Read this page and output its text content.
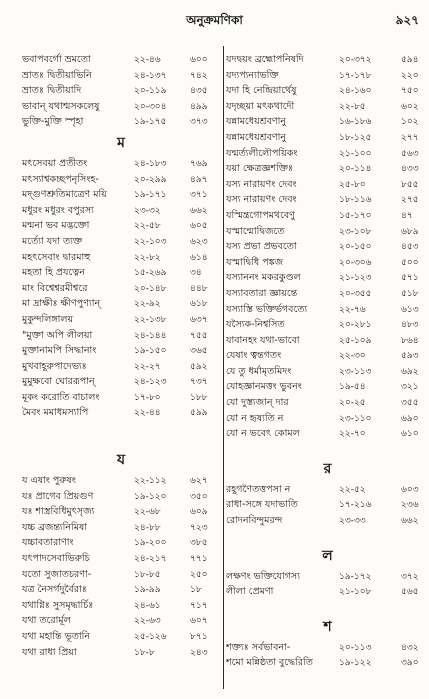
অনুক্রমণিকা	৯২৭
ভবাপবর্গো ভ্রমতো	২২-৪৬	৬০০
ভ্রাতঃ দ্বিতীয়াভিনি	২৪-১৩৭	৭৪২
ভ্রাতঃ দ্বিতীয়াদি	২০-১১৯	৪৩৫
ভাবান্ যথাশ্মসকলেষু	২০-৩০৪	৪৯৯
ভুক্তি-মুক্তি স্পৃহা	১৯-১৭৫	৩৭৩
ম
মৎসেবয়া প্রতীতং	২৪-১৮৩	৭৬৯
মৎস্যাশ্বকচ্ছপনৃসিংহ-	২০-২৯৯	৪৯৭
মদ্গুণশ্রুতিমাত্রেণ ময়ি	১৯-১৭১	৩৭১
মধুরং মধুরং বপুরস্য	২৩-৩২	৬৬২
মন্মনা ভব মদ্ভক্তো	২২-৫৮	৬০৫
মর্ত্যো যদা ত্যক্ত	২২-১০৩	৬২৩
মহৎসেবাং দ্বারমাহু	২২-৮২	৬১৪
মহতা হি প্রযত্নেন	১৫-২৬৯	৩৪
মাং বিশ্বেশ্বরমীশ্বরে	২০-১৪৮	৪৪৮
মা দ্রাক্ষীঃ ক্ষীণপুণ্যান্	২২-৯২	৬১৮
মুকুন্দলিঙ্গালয়	২২-১৩৮	৬৩৭
"মুক্তা অপি লীলয়া	২৪-১৪৪	৭৫৫
মুক্তানামপি সিদ্ধানাং	১৯-১৫০	৩৬৫
মুখবাহূরুপাদেভ্যঃ	২২-২৭	৫৯২
মুমুক্ষবো ঘোররূপান্	২৪-১২৩	৭৩৭
মূকং করোতি বাচালং	১৭-৮০	১৮৮
মৈবং মমাধমস্যাপি	২২-৪৪	৫৯৯
য
য এষাং পুরুষং	২২-১১২	৬২৭
যঃ প্রাগেব প্রিয়গুণ	১৯-১২০	৩৫০
যঃ শাস্ত্রবিধিমুৎসৃজ্য	২২-৬৮	৬০৯
যচ্চ ব্রজন্ত্যনিমিষা	২৪-৮৮	৭২৩
যচ্চাবতারাণাং	১৯-২০০	৩৮৫
যৎপাদসেবাভিরুচি	২৪-২১৭	৭৭১
যতো সুজাতচরণা-	১৮-৮৫	২৫০
যত্র নৈসর্গদুর্বৈরাঃ	১৯-৯৯	১৮
যথাগ্নিঃ সুসমৃদ্ধার্চিঃ	২৪-৬১	৭১৭
যথা তরোর্মূল	২২-৬৩	৬০৭
যথা মহান্তি ভূতানি	২৫-১২৬	৮৭১
যথা রাধা প্রিয়া	১৮-৮	২৪৩
যদদ্বয়ং ব্রহ্মোপনিষদি	২০-৩৭২	৫৯৪
যদ্যপ্যন্যাভক্তি	১৭-১৭৮	২২০
যদা হি নেন্দ্রিয়ার্থেষু	২৪-১৬০	৭৫০
যদৃচ্ছয়া মৎকথাদৌ	২২-৮৫	৬০২
যন্নামধেয়শ্রবণানু	১৬-১৮৬	১০২
যন্নামধেয়শ্রবণানু	১৮-১২৫	২৭৭
যন্মর্ত্যলীলৌপয়িকং	২১-১০০	৫৬৩
যয়া ক্ষেত্রজ্ঞশক্তিঃ	২০-১১৪	৪৩৩
যস্য নারায়ণং দেবং	২৫-৮০	৮৫৫
যস্য নারায়ণং দেবং	১৮-১১৬	২৭৫
যস্মিন্ত্রগোপমথবেণু	১৫-১৭০	৪৭
যস্মান্মোদ্বিজতে	২৩-১০৮	৬৮৯
যস্য প্রভা প্রভবতো	২০-১৫০	৪৫৩
যস্মাদ্বিধি পঙ্কজ	২০-৩০৬	৫০০
যস্যাননং মকরকুণ্ডল	২১-১২৩	৫৭১
যস্যাবতারা জ্ঞায়ন্তে	২০-৩৫৫	৫১৮
যস্যাস্তি ভক্তির্ভগবত্যে	২২-৭৬	৬১৩
যস্যৈক-নিশ্বসিত	২০-২৮১	৪৮৩
যাবানহং যথা-ভাবো	২৫-১০৯	৮৬৪
যেষাং ত্বন্তগতং	২২-৩০	৫৯৩
যে তু ধর্মামৃতমিদং	২৩-১১৩	৬৯২
যোহজ্ঞানমত্তং ভুবনং	১৯-৫৪	৩২১
যো দুস্ত্যজান্ দার	২০-২৫	৩৫৫
যো ন হৃষ্যতি ন	২৩-১১০	৬৯০
যো ন ভবেৎ কোমল	২২-৭০	৬১০
র
রহূগণৈতত্তপসা ন	২২-৫২	৬০৩
রাধা-সঙ্গে যদাভাতি	১৭-২১৬	২৩৬
রোদনবিন্দুমরন্দ	২৩-৩৩	৬৬২
ল
লক্ষণং ভক্তিযোগস্য	১৯-১৭২	৩৭২
লীলা প্রেমণা	২১-১০৮	৫৬৫
শ
শক্ত্যঃ সর্বভাবনা-	২০-১১৩	৪৩২
শমো মন্নিষ্ঠতা বুদ্ধেরিতি	১৯-১২২	৩৯০
